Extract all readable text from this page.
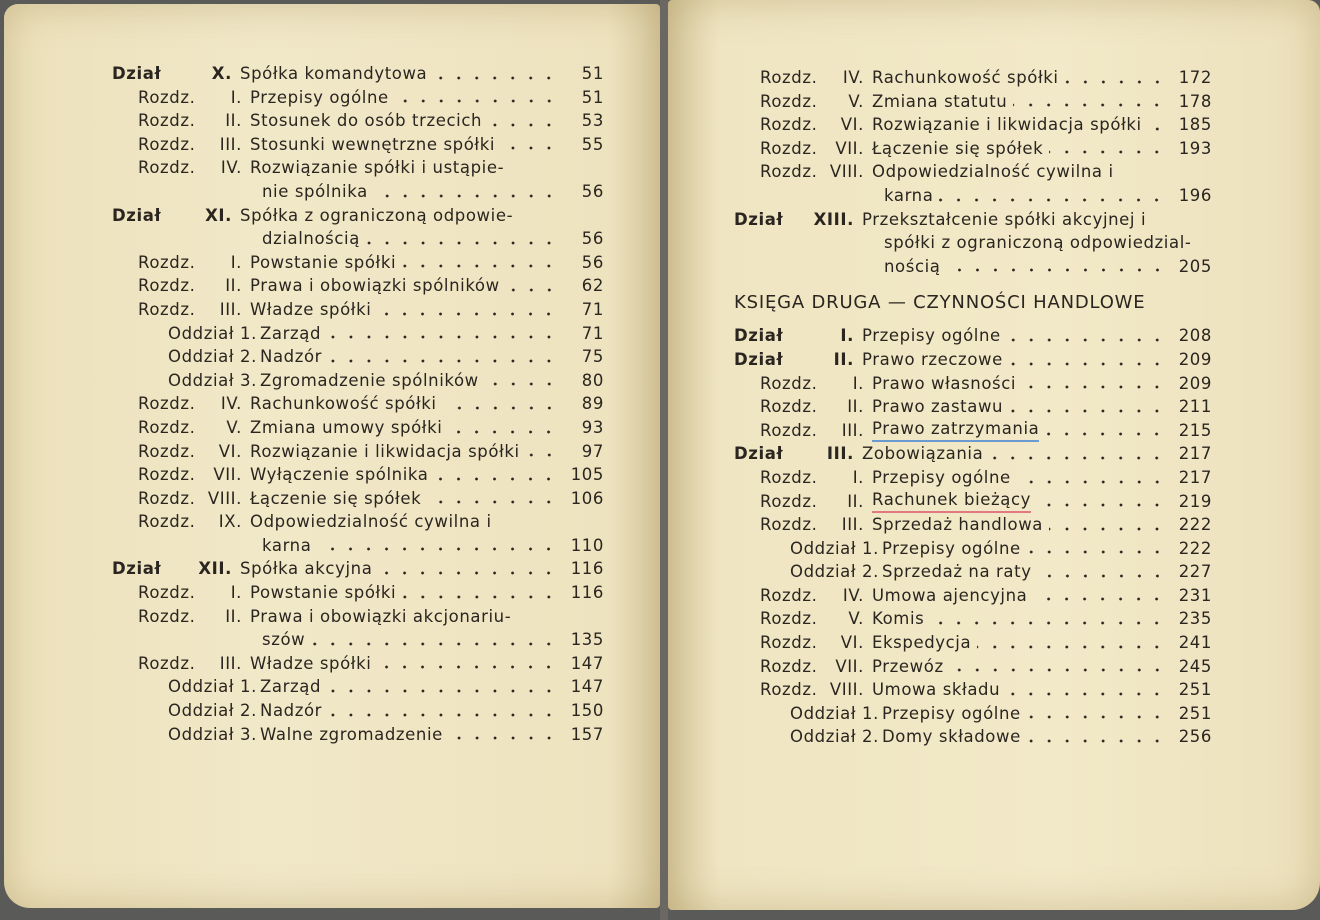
Dział	X. Spółka komandytowa	51
Rozdz.	I. Przepisy ogólne	51
Rozdz.	II. Stosunek do osób trzecich	53
Rozdz.	III. Stosunki wewnętrzne spółki	55
Rozdz.	IV. Rozwiązanie spółki i ustąpie-
nie spólnika	56
Dział	XI. Spółka z ograniczoną odpowie-
dzialnością	56
Rozdz.	I. Powstanie spółki	56
Rozdz.	II. Prawa i obowiązki spólników	62
Rozdz.	III. Władze spółki	71
Oddział 1. Zarząd	71
Oddział 2. Nadzór	75
Oddział 3. Zgromadzenie spólników	80
Rozdz.	IV. Rachunkowość spółki	89
Rozdz.	V. Zmiana umowy spółki	93
Rozdz.	VI. Rozwiązanie i likwidacja spółki	97
Rozdz.	VII. Wyłączenie spólnika	105
Rozdz. VIII. Łączenie się spółek	106
Rozdz.	IX. Odpowiedzialność cywilna i
karna	110
Dział	XII. Spółka akcyjna	116
Rozdz.	I. Powstanie spółki	116
Rozdz.	II. Prawa i obowiązki akcjonariu-
szów	135
Rozdz.	III. Władze spółki	147
Oddział 1. Zarząd	147
Oddział 2. Nadzór	150
Oddział 3. Walne zgromadzenie	157
Rozdz.	IV. Rachunkowość spółki	172
Rozdz.	V. Zmiana statutu	178
Rozdz.	VI. Rozwiązanie i likwidacja spółki	185
Rozdz.	VII. Łączenie się spółek	193
Rozdz. VIII. Odpowiedzialność cywilna i
karna	196
Dział	XIII. Przekształcenie spółki akcyjnej i
spółki z ograniczoną odpowiedzial-
nością	205
KSIĘGA DRUGA — CZYNNOŚCI HANDLOWE
Dział	I. Przepisy ogólne	208
Dział	II. Prawo rzeczowe	209
Rozdz.	I. Prawo własności	209
Rozdz.	II. Prawo zastawu	211
Rozdz.	III. Prawo zatrzymania	215
Dział	III. Zobowiązania	217
Rozdz.	I. Przepisy ogólne	217
Rozdz.	II. Rachunek bieżący	219
Rozdz.	III. Sprzedaż handlowa	222
Oddział 1. Przepisy ogólne	222
Oddział 2. Sprzedaż na raty	227
Rozdz.	IV. Umowa ajencyjna	231
Rozdz.	V. Komis	235
Rozdz.	VI. Ekspedycja	241
Rozdz.	VII. Przewóz	245
Rozdz. VIII. Umowa składu	251
Oddział 1. Przepisy ogólne	251
Oddział 2. Domy składowe	256
